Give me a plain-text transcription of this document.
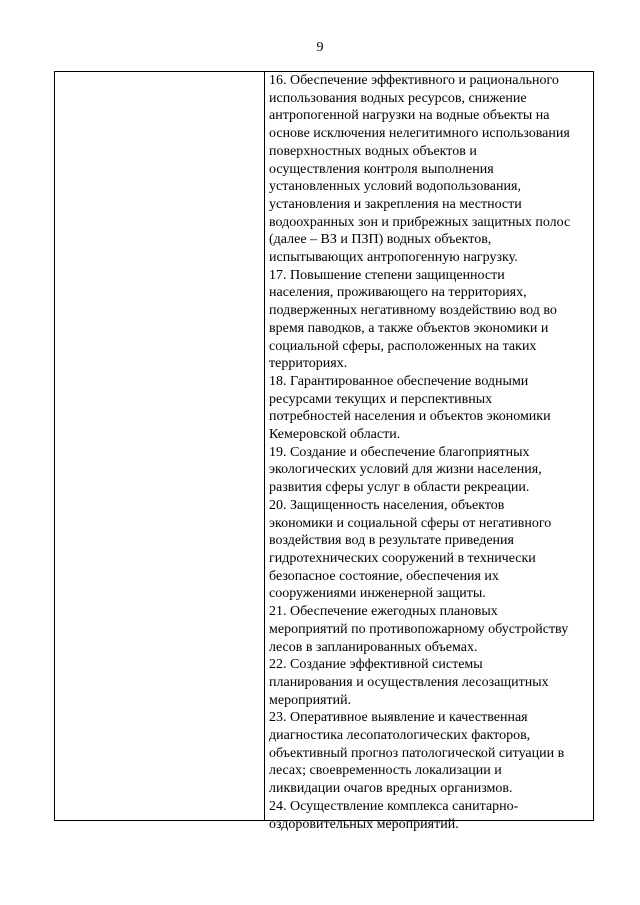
9
16. Обеспечение эффективного и рационального
использования водных ресурсов, снижение
антропогенной нагрузки на водные объекты на
основе исключения нелегитимного использования
поверхностных водных объектов и
осуществления контроля выполнения
установленных условий водопользования,
установления и закрепления на местности
водоохранных зон и прибрежных защитных полос
(далее – ВЗ и ПЗП) водных объектов,
испытывающих антропогенную нагрузку.
17. Повышение степени защищенности
населения, проживающего на территориях,
подверженных негативному воздействию вод во
время паводков, а также объектов экономики и
социальной сферы, расположенных на таких
территориях.
18. Гарантированное обеспечение водными
ресурсами текущих и перспективных
потребностей населения и объектов экономики
Кемеровской области.
19. Создание и обеспечение благоприятных
экологических условий для жизни населения,
развития сферы услуг в области рекреации.
20. Защищенность населения, объектов
экономики и социальной сферы от негативного
воздействия вод в результате приведения
гидротехнических сооружений в технически
безопасное состояние, обеспечения их
сооружениями инженерной защиты.
21. Обеспечение ежегодных плановых
мероприятий по противопожарному обустройству
лесов в запланированных объемах.
22. Создание эффективной системы
планирования и осуществления лесозащитных
мероприятий.
23. Оперативное выявление и качественная
диагностика лесопатологических факторов,
объективный прогноз патологической ситуации в
лесах; своевременность локализации и
ликвидации очагов вредных организмов.
24. Осуществление комплекса санитарно-
оздоровительных мероприятий.
